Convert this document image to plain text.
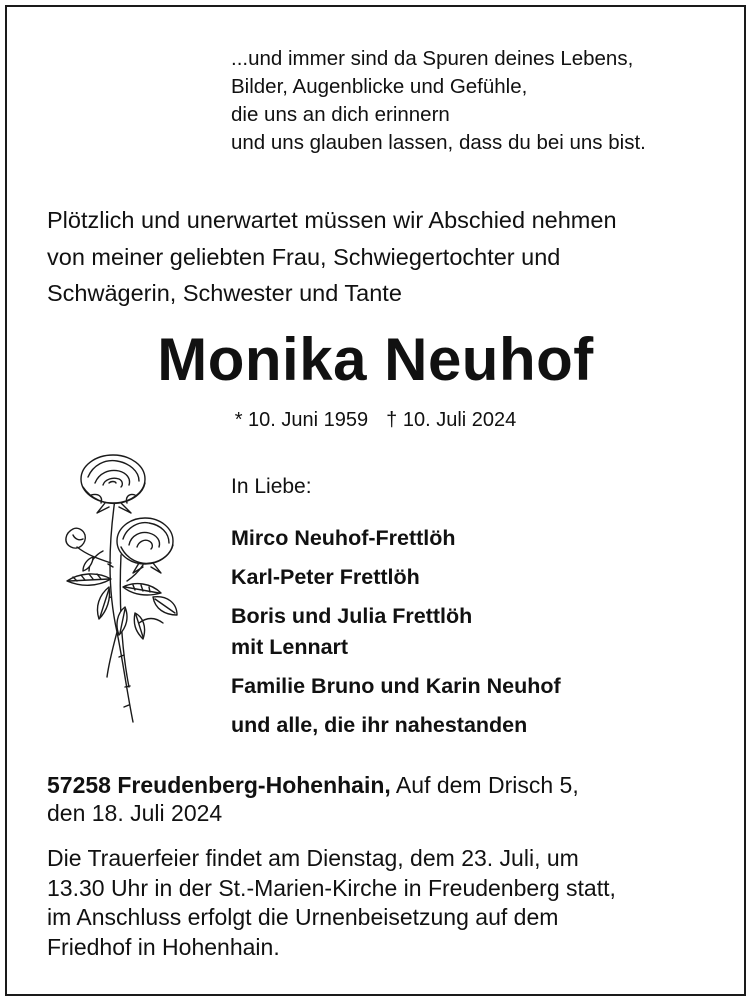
...und immer sind da Spuren deines Lebens,
Bilder, Augenblicke und Gefühle,
die uns an dich erinnern
und uns glauben lassen, dass du bei uns bist.
Plötzlich und unerwartet müssen wir Abschied nehmen
von meiner geliebten Frau, Schwiegertochter und
Schwägerin, Schwester und Tante
Monika Neuhof
* 10. Juni 1959 † 10. Juli 2024
In Liebe:
Mirco Neuhof-Frettlöh
Karl-Peter Frettlöh
Boris und Julia Frettlöh
mit Lennart
Familie Bruno und Karin Neuhof
und alle, die ihr nahestanden
57258 Freudenberg-Hohenhain, Auf dem Drisch 5,
den 18. Juli 2024
Die Trauerfeier findet am Dienstag, dem 23. Juli, um
13.30 Uhr in der St.-Marien-Kirche in Freudenberg statt,
im Anschluss erfolgt die Urnenbeisetzung auf dem
Friedhof in Hohenhain.
